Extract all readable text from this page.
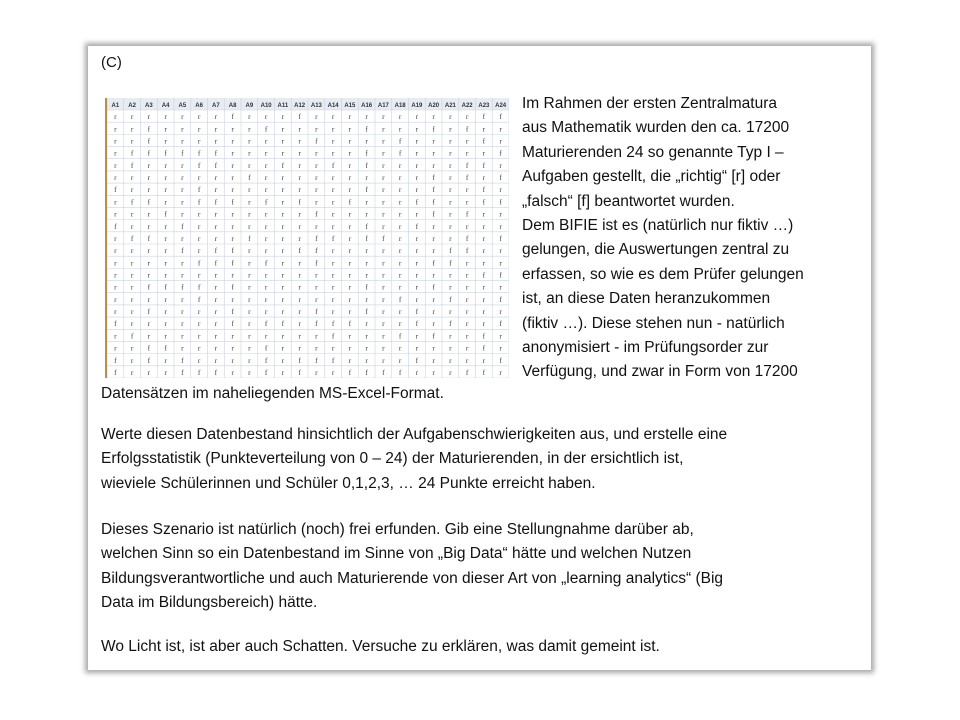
(C)
A1 A2 A3 A4 A5 A6 A7 A8 A9 A10 A11 A12 A13 A14 A15 A16 A17 A18 A19 A20 A21 A22 A23 A24
r r r r r r r f r r r f r r r r r r r r r r f f
r r f r r r r r r f r r r r r f r r r f r f r r
r r f r r r r r r r r r f r r r r f r r r r f r
r f f f f f f r r r r r r r r f r f r r r r r f
r f r r r f f r r r f r r f r f r r r r r f f r
r r r r r r r r f r r r r r r r r r r f r f r f
f r r r r f r r r r r r r r r f r r r f r r f r
r f f r r f f f r f r f r r f r r r f f r r f f
r r r f r r r r r r r r f r r r r r r f r f r r
f r r r f r r r r r r r r r r f r r f r r r r r
r f f r r r r r f r r r f f r f f r r r r f r f
r r r r f r f f r r r f f r r r r r r r f f r r
r r r r r f f f r f r r f r r r r r r f f r r r
r r r r r r r r r r r r r r r r r r r r r r f f
r r f f f f r f r r r r r r r f r r r f r r r r
r r r r r f r r r r r r r r r r r f r r f r r f
r r f r r r r f r r r r f r r f r r f r r r r r
f r r r r r r f r f f r f f f r r r f r f r r f
r f r r r r r r r r r r r f r r r f r f r r f r
r r f f r r r r r f r r r r r r r r r r r r f r
f r f r f r r r r f r f f f r r r r f r r r r f
f r r r f f f r r f r f r r f f f f r r r f f r
Im Rahmen der ersten Zentralmatura
aus Mathematik wurden den ca. 17200
Maturierenden 24 so genannte Typ I –
Aufgaben gestellt, die „richtig“ [r] oder
„falsch“ [f] beantwortet wurden.
Dem BIFIE ist es (natürlich nur fiktiv …)
gelungen, die Auswertungen zentral zu
erfassen, so wie es dem Prüfer gelungen
ist, an diese Daten heranzukommen
(fiktiv …). Diese stehen nun - natürlich
anonymisiert - im Prüfungsorder zur
Verfügung, und zwar in Form von 17200
Datensätzen im naheliegenden MS-Excel-Format.
Werte diesen Datenbestand hinsichtlich der Aufgabenschwierigkeiten aus, und erstelle eine
Erfolgsstatistik (Punkteverteilung von 0 – 24) der Maturierenden, in der ersichtlich ist,
wieviele Schülerinnen und Schüler 0,1,2,3, … 24 Punkte erreicht haben.
Dieses Szenario ist natürlich (noch) frei erfunden. Gib eine Stellungnahme darüber ab,
welchen Sinn so ein Datenbestand im Sinne von „Big Data“ hätte und welchen Nutzen
Bildungsverantwortliche und auch Maturierende von dieser Art von „learning analytics“ (Big
Data im Bildungsbereich) hätte.
Wo Licht ist, ist aber auch Schatten. Versuche zu erklären, was damit gemeint ist.
